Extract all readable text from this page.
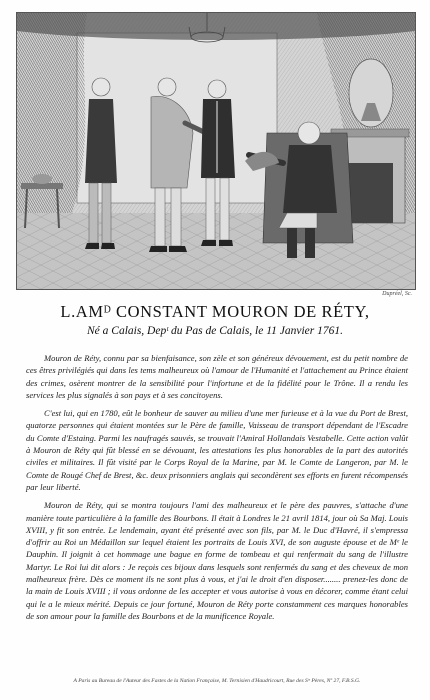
Dupréel, Sc.
L.AMᴰ CONSTANT MOURON DE RÉTY,
Né a Calais, Depᵗ du Pas de Calais, le 11 Janvier 1761.

Mouron de Réty, connu par sa bienfaisance, son zèle et son généreux dévouement, est du petit nombre de ces êtres privilégiés qui dans les tems malheureux où l'amour de l'Humanité et l'attachement au Prince étaient des crimes, osèrent montrer de la sensibilité pour l'infortune et de la fidélité pour le Trône. Il a rendu les services les plus signalés à son pays et à ses concitoyens.

C'est lui, qui en 1780, eût le bonheur de sauver au milieu d'une mer furieuse et à la vue du Port de Brest, quatorze personnes qui étaient montées sur le Père de famille, Vaisseau de transport dépendant de l'Escadre du Comte d'Estaing. Parmi les naufragés sauvés, se trouvait l'Amiral Hollandais Vestabelle. Cette action valût à Mouron de Réty qui fût blessé en se dévouant, les attestations les plus honorables de la part des autorités civiles et militaires. Il fût visité par le Corps Royal de la Marine, par M. le Comte de Langeron, par M. le Comte de Rougé Chef de Brest, &c. deux prisonniers anglais qui secondèrent ses efforts en furent récompensés par leur liberté.

Mouron de Réty, qui se montra toujours l'ami des malheureux et le père des pauvres, s'attache d'une manière toute particulière à la famille des Bourbons. Il était à Londres le 21 avril 1814, jour où Sa Maj. Louis XVIII, y fit son entrée. Le lendemain, ayant été présenté avec son fils, par M. le Duc d'Havré, il s'empressa d'offrir au Roi un Médaillon sur lequel étaient les portraits de Louis XVI, de son auguste épouse et de Mᵉ le Dauphin. Il joignit à cet hommage une bague en forme de tombeau et qui renfermait du sang de l'illustre Martyr. Le Roi lui dit alors : Je reçois ces bijoux dans lesquels sont renfermés du sang et des cheveux de mon malheureux frère. Dès ce moment ils ne sont plus à vous, et j'ai le droit d'en disposer........ prenez-les donc de la main de Louis XVIII ; il vous ordonne de les accepter et vous autorise à vous en décorer, comme étant celui qui le a le mieux mérité. Depuis ce jour fortuné, Mouron de Réty porte constamment ces marques honorables de son amour pour la famille des Bourbons et de la munificence Royale.

A Paris au Bureau de l'Auteur des Fastes de la Nation Française, M. Ternisien d'Haudricourt, Rue des Sᵗˢ Pères, Nº 27, F.B.S.G.
